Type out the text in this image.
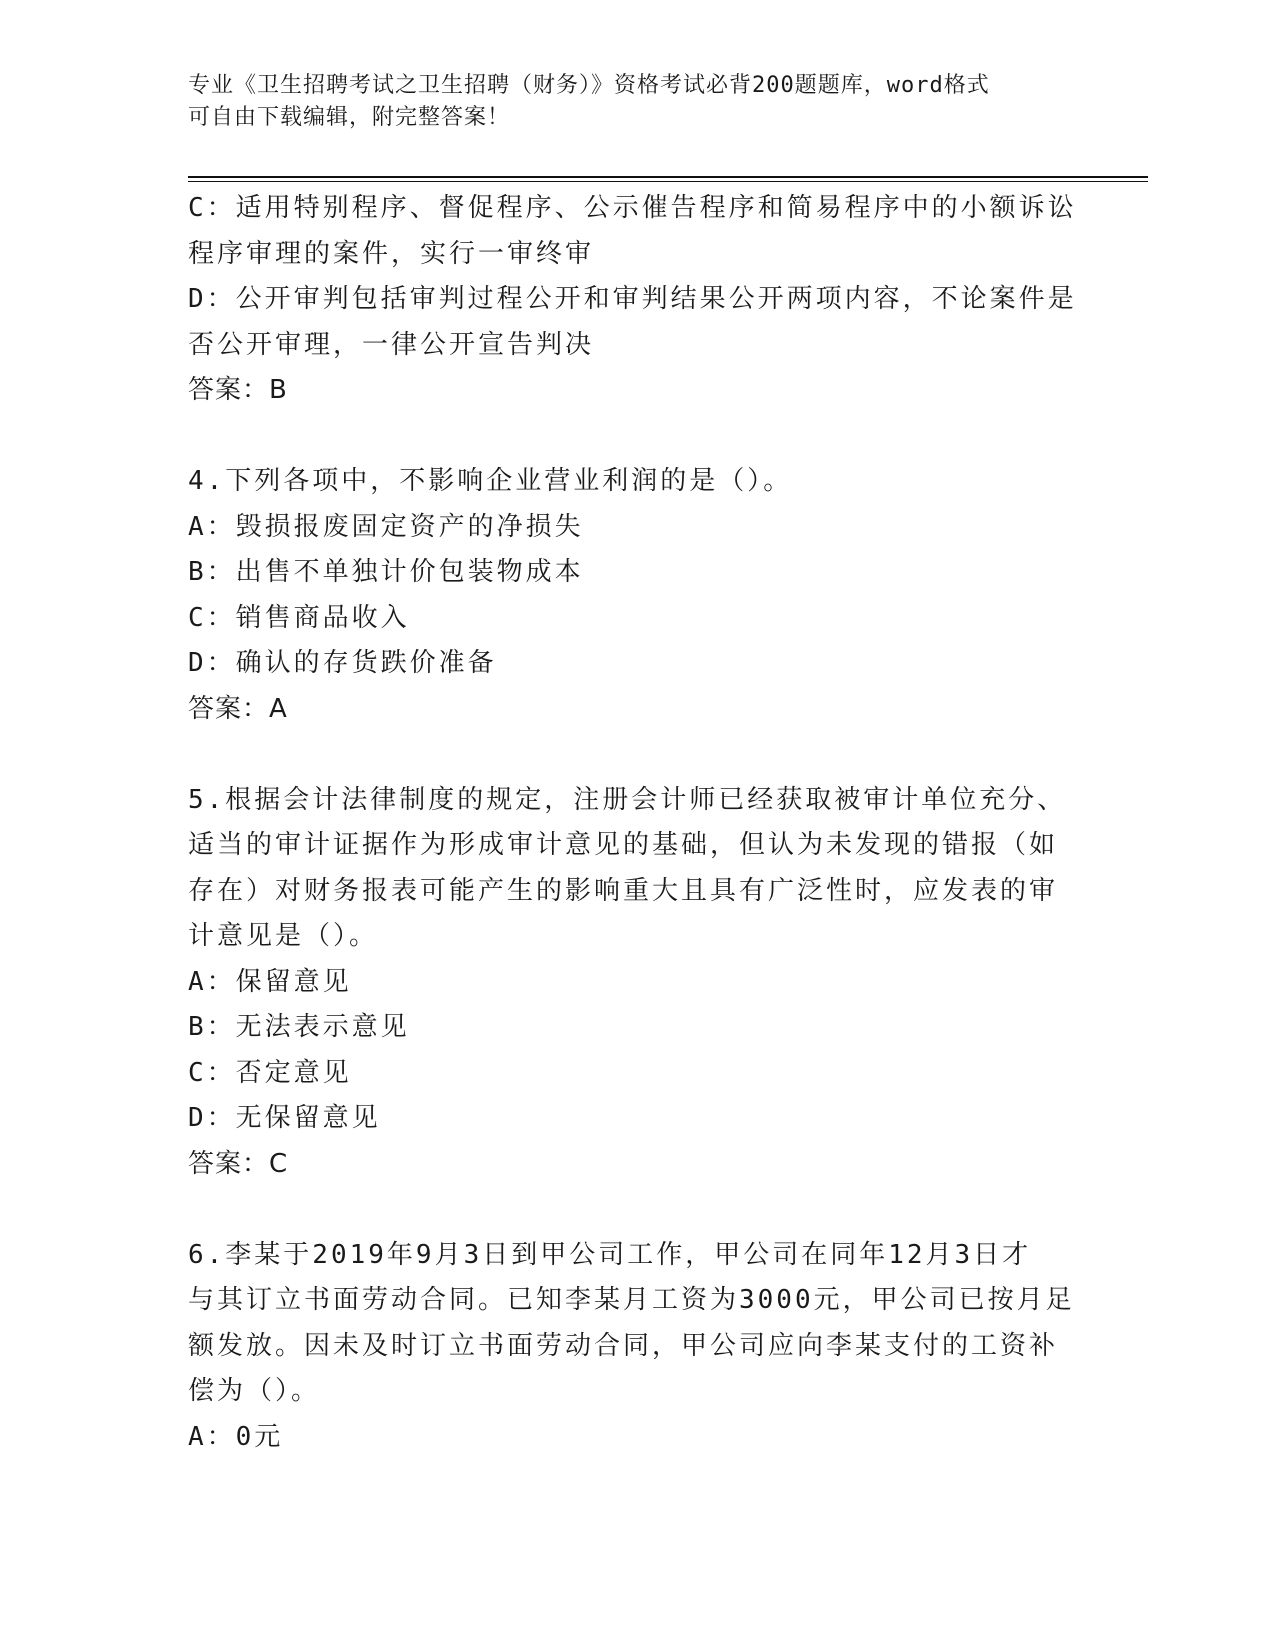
专业《卫生招聘考试之卫生招聘（财务）》资格考试必背200题题库，word格式
可自由下载编辑，附完整答案！
C：适用特别程序、督促程序、公示催告程序和简易程序中的小额诉讼
程序审理的案件，实行一审终审
D：公开审判包括审判过程公开和审判结果公开两项内容，不论案件是
否公开审理，一律公开宣告判决
答案：B
4.下列各项中，不影响企业营业利润的是（）。
A：毁损报废固定资产的净损失
B：出售不单独计价包装物成本
C：销售商品收入
D：确认的存货跌价准备
答案：A
5.根据会计法律制度的规定，注册会计师已经获取被审计单位充分、
适当的审计证据作为形成审计意见的基础，但认为未发现的错报（如
存在）对财务报表可能产生的影响重大且具有广泛性时，应发表的审
计意见是（）。
A：保留意见
B：无法表示意见
C：否定意见
D：无保留意见
答案：C
6.李某于2019年9月3日到甲公司工作，甲公司在同年12月3日才
与其订立书面劳动合同。已知李某月工资为3000元，甲公司已按月足
额发放。因未及时订立书面劳动合同，甲公司应向李某支付的工资补
偿为（）。
A：0元
